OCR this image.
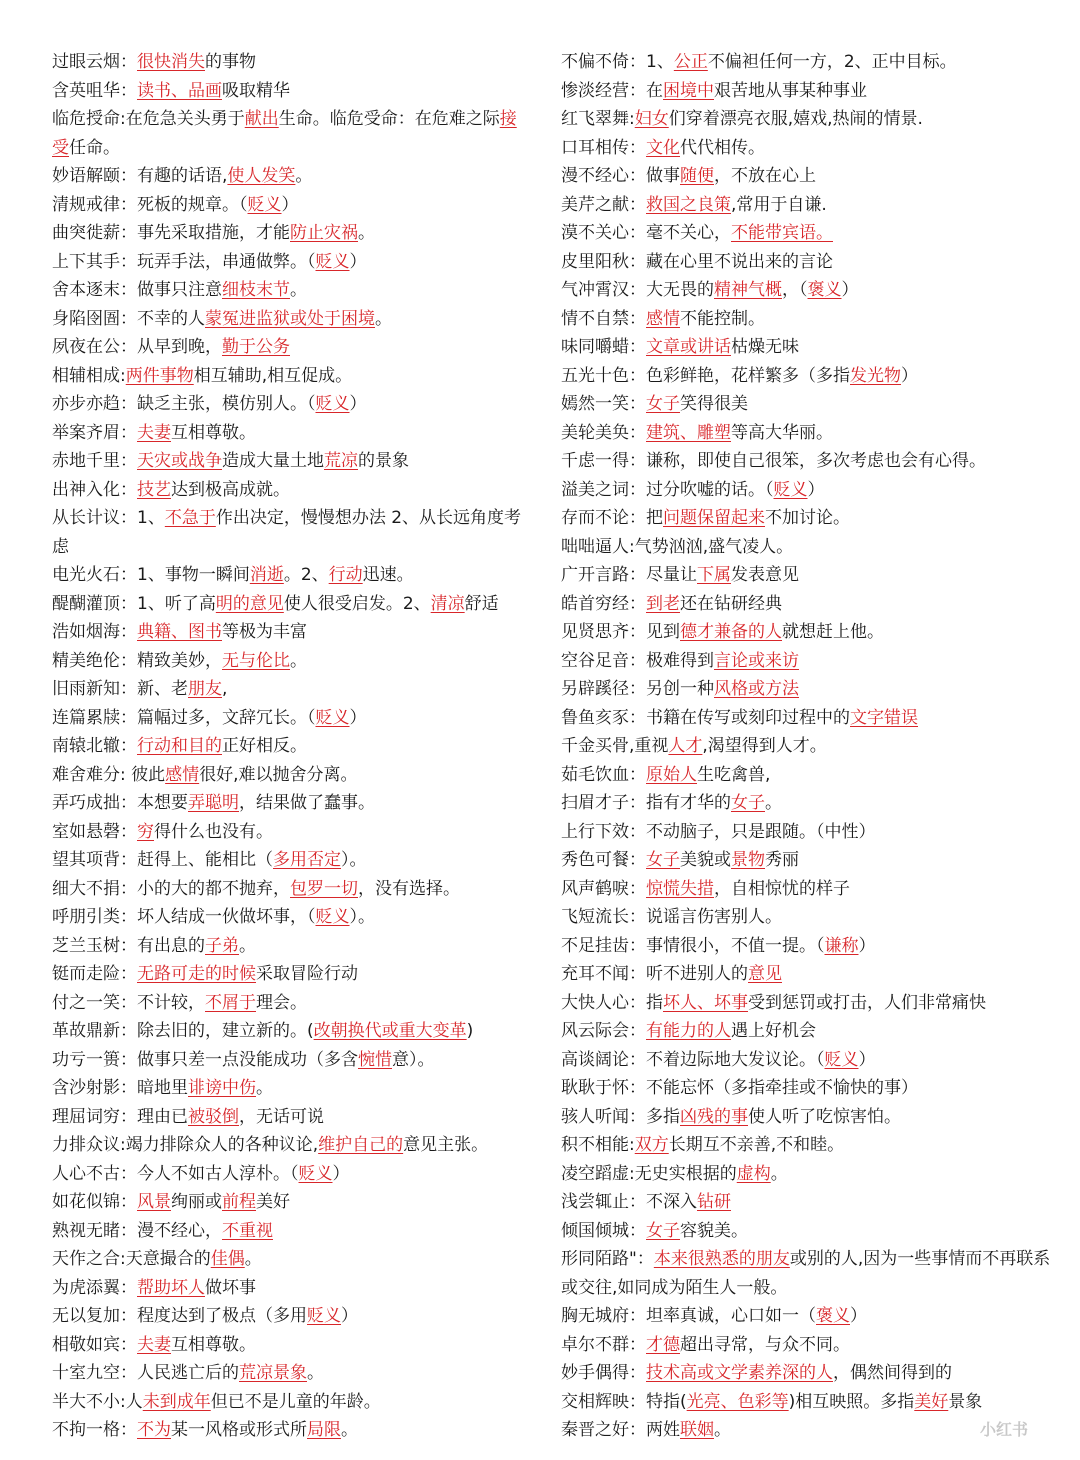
过眼云烟：很快消失的事物
含英咀华：读书、品画吸取精华
临危授命:在危急关头勇于献出生命。临危受命：在危难之际接受任命。
妙语解颐：有趣的话语,使人发笑。
清规戒律：死板的规章。（贬义）
曲突徙薪：事先采取措施，才能防止灾祸。
上下其手：玩弄手法，串通做弊。（贬义）
舍本逐末：做事只注意细枝末节。
身陷囹圄：不幸的人蒙冤进监狱或处于困境。
夙夜在公：从早到晚，勤于公务
相辅相成:两件事物相互辅助,相互促成。
亦步亦趋：缺乏主张，模仿别人。（贬义）
举案齐眉：夫妻互相尊敬。
赤地千里：天灾或战争造成大量土地荒凉的景象
出神入化：技艺达到极高成就。
从长计议：1、不急于作出决定，慢慢想办法 2、从长远角度考虑
电光火石：1、事物一瞬间消逝。2、行动迅速。
醍醐灌顶：1、听了高明的意见使人很受启发。2、清凉舒适
浩如烟海：典籍、图书等极为丰富
精美绝伦：精致美妙，无与伦比。
旧雨新知：新、老朋友,
连篇累牍：篇幅过多，文辞冗长。（贬义）
南辕北辙：行动和目的正好相反。
难舍难分: 彼此感情很好,难以抛舍分离。
弄巧成拙：本想要弄聪明，结果做了蠢事。
室如悬磬：穷得什么也没有。
望其项背：赶得上、能相比（多用否定）。
细大不捐：小的大的都不抛弃，包罗一切，没有选择。
呼朋引类：坏人结成一伙做坏事，（贬义）。
芝兰玉树：有出息的子弟。
铤而走险：无路可走的时候采取冒险行动
付之一笑：不计较，不屑于理会。
革故鼎新：除去旧的，建立新的。(改朝换代或重大变革)
功亏一篑：做事只差一点没能成功（多含惋惜意）。
含沙射影：暗地里诽谤中伤。
理屈词穷：理由已被驳倒，无话可说
力排众议:竭力排除众人的各种议论,维护自己的意见主张。
人心不古：今人不如古人淳朴。（贬义）
如花似锦：风景绚丽或前程美好
熟视无睹：漫不经心，不重视
天作之合:天意撮合的佳偶。
为虎添翼：帮助坏人做坏事
无以复加：程度达到了极点（多用贬义）
相敬如宾：夫妻互相尊敬。
十室九空：人民逃亡后的荒凉景象。
半大不小:人未到成年但已不是儿童的年龄。
不拘一格：不为某一风格或形式所局限。
不偏不倚：1、公正不偏袒任何一方，2、正中目标。
惨淡经营：在困境中艰苦地从事某种事业
红飞翠舞:妇女们穿着漂亮衣服,嬉戏,热闹的情景.
口耳相传：文化代代相传。
漫不经心：做事随便，不放在心上
美芹之献：救国之良策,常用于自谦.
漠不关心：毫不关心，不能带宾语。
皮里阳秋：藏在心里不说出来的言论
气冲霄汉：大无畏的精神气概，（褒义）
情不自禁：感情不能控制。
味同嚼蜡：文章或讲话枯燥无味
五光十色：色彩鲜艳，花样繁多（多指发光物）
嫣然一笑：女子笑得很美
美轮美奂：建筑、雕塑等高大华丽。
千虑一得：谦称，即使自己很笨，多次考虑也会有心得。
溢美之词：过分吹嘘的话。（贬义）
存而不论：把问题保留起来不加讨论。
咄咄逼人:气势汹汹,盛气凌人。
广开言路：尽量让下属发表意见
皓首穷经：到老还在钻研经典
见贤思齐：见到德才兼备的人就想赶上他。
空谷足音：极难得到言论或来访
另辟蹊径：另创一种风格或方法
鲁鱼亥豕：书籍在传写或刻印过程中的文字错误
千金买骨,重视人才,渴望得到人才。
茹毛饮血：原始人生吃禽兽,
扫眉才子：指有才华的女子。
上行下效：不动脑子，只是跟随。（中性）
秀色可餐：女子美貌或景物秀丽
风声鹤唳：惊慌失措，自相惊忧的样子
飞短流长：说谣言伤害别人。
不足挂齿：事情很小，不值一提。（谦称）
充耳不闻：听不进别人的意见
大快人心：指坏人、坏事受到惩罚或打击，人们非常痛快
风云际会：有能力的人遇上好机会
高谈阔论：不着边际地大发议论。（贬义）
耿耿于怀：不能忘怀（多指牵挂或不愉快的事）
骇人听闻：多指凶残的事使人听了吃惊害怕。
积不相能:双方长期互不亲善,不和睦。
凌空蹈虚:无史实根据的虚构。
浅尝辄止：不深入钻研
倾国倾城：女子容貌美。
形同陌路"：本来很熟悉的朋友或别的人,因为一些事情而不再联系或交往,如同成为陌生人一般。
胸无城府：坦率真诚，心口如一（褒义）
卓尔不群：才德超出寻常，与众不同。
妙手偶得：技术高或文学素养深的人，偶然间得到的
交相辉映：特指(光亮、色彩等)相互映照。多指美好景象
秦晋之好：两姓联姻。	小红书
